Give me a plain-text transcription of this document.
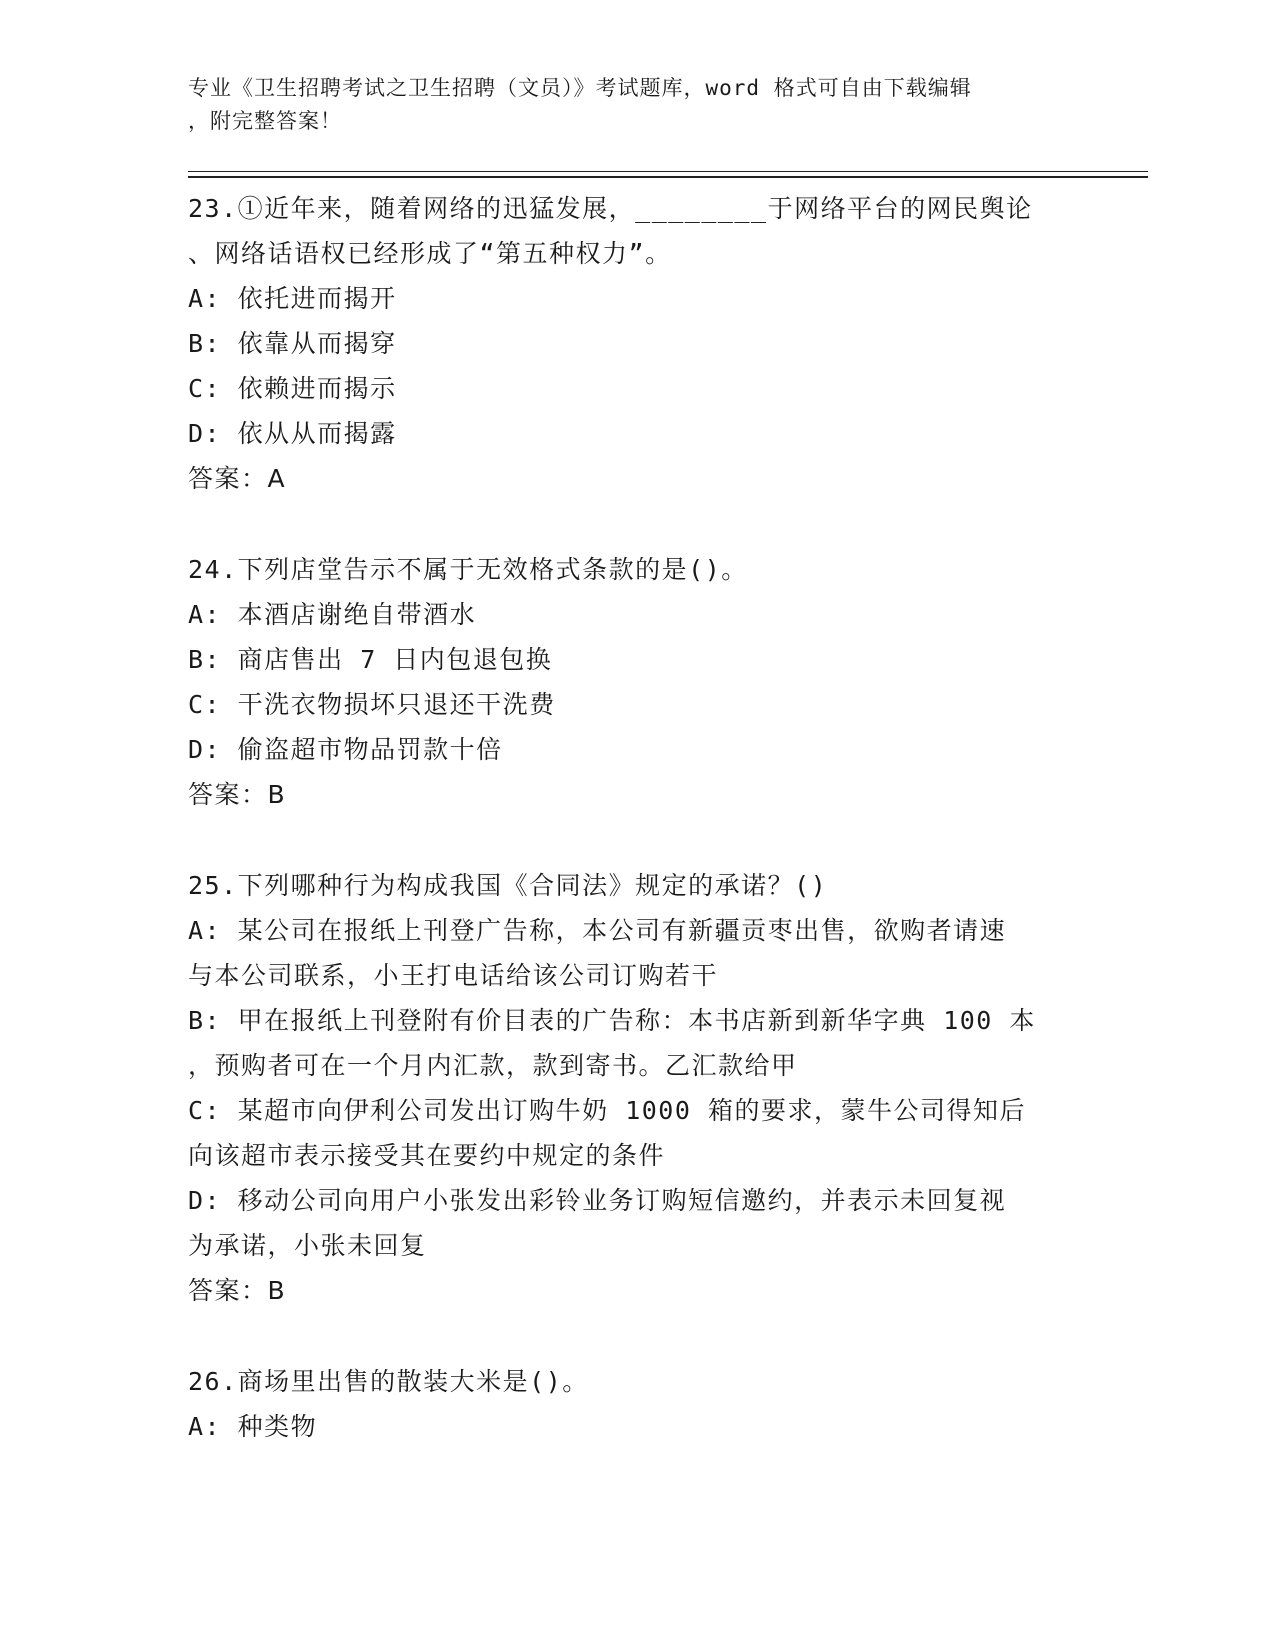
专业《卫生招聘考试之卫生招聘（文员）》考试题库，word 格式可自由下载编辑
，附完整答案！
23.①近年来，随着网络的迅猛发展，________于网络平台的网民舆论
、网络话语权已经形成了“第五种权力”。
A: 依托进而揭开
B: 依靠从而揭穿
C: 依赖进而揭示
D: 依从从而揭露
答案：A
24.下列店堂告示不属于无效格式条款的是()。
A: 本酒店谢绝自带酒水
B: 商店售出 7 日内包退包换
C: 干洗衣物损坏只退还干洗费
D: 偷盗超市物品罚款十倍
答案：B
25.下列哪种行为构成我国《合同法》规定的承诺？()
A: 某公司在报纸上刊登广告称，本公司有新疆贡枣出售，欲购者请速
与本公司联系，小王打电话给该公司订购若干
B: 甲在报纸上刊登附有价目表的广告称：本书店新到新华字典 100 本
，预购者可在一个月内汇款，款到寄书。乙汇款给甲
C: 某超市向伊利公司发出订购牛奶 1000 箱的要求，蒙牛公司得知后
向该超市表示接受其在要约中规定的条件
D: 移动公司向用户小张发出彩铃业务订购短信邀约，并表示未回复视
为承诺，小张未回复
答案：B
26.商场里出售的散装大米是()。
A: 种类物
